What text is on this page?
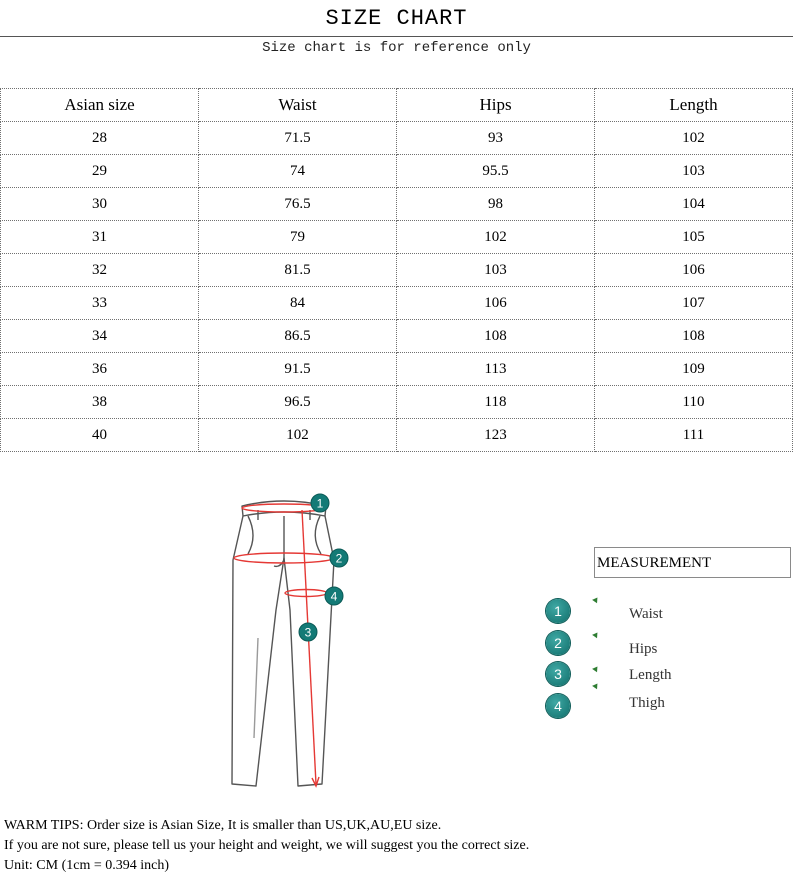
SIZE CHART
Size chart is for reference only
Asian size	Waist	Hips	Length
28	71.5	93	102
29	74	95.5	103
30	76.5	98	104
31	79	102	105
32	81.5	103	106
33	84	106	107
34	86.5	108	108
36	91.5	113	109
38	96.5	118	110
40	102	123	111
1
2
3
4
MEASUREMENT
1	Waist
2	Hips
3	Length
4	Thigh
WARM TIPS: Order size is Asian Size, It is smaller than US,UK,AU,EU size.
If you are not sure, please tell us your height and weight, we will suggest you the correct size.
Unit: CM (1cm = 0.394 inch)
